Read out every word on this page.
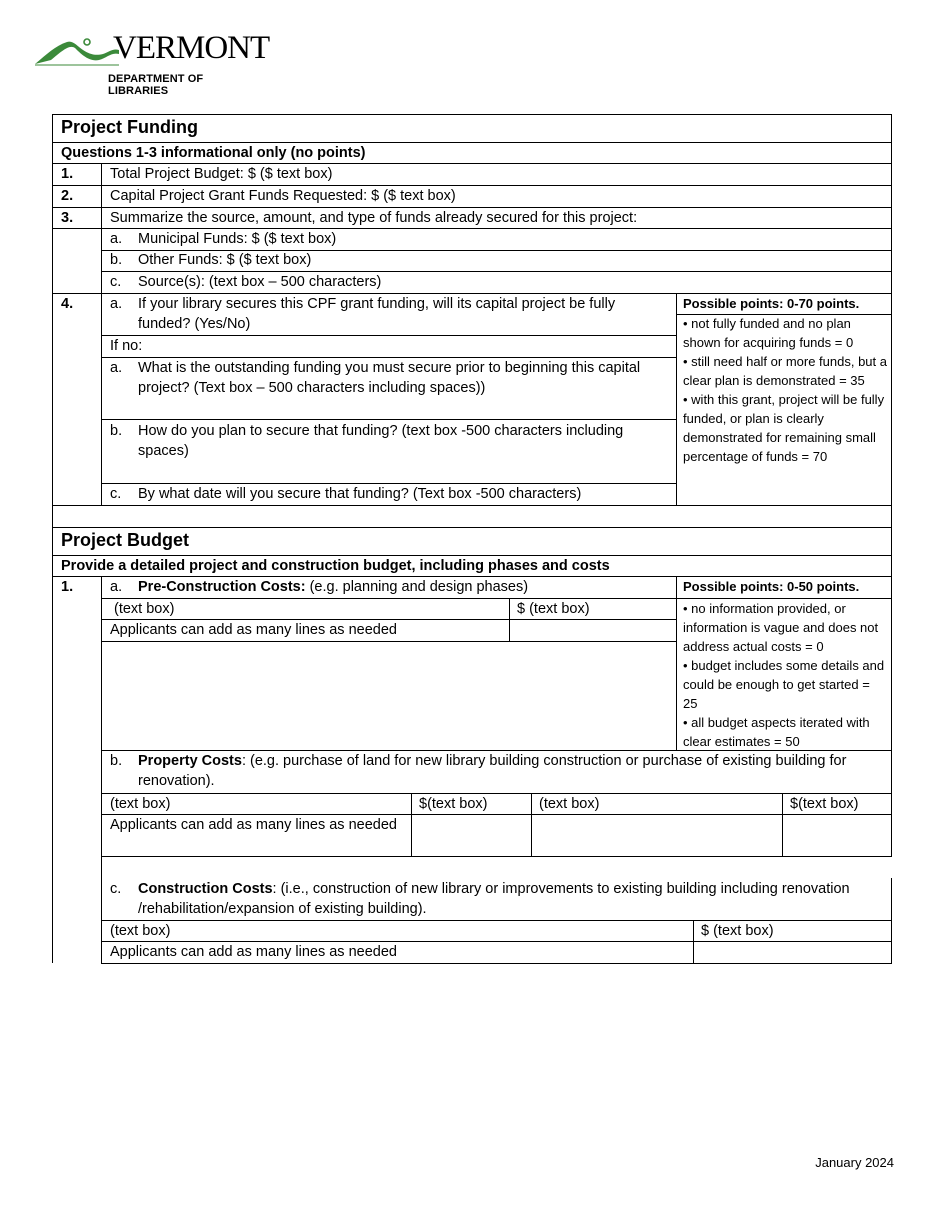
VERMONT
DEPARTMENT OF LIBRARIES
Project Funding
Questions 1-3 informational only (no points)
1.	Total Project Budget: $ ($ text box)
2.	Capital Project Grant Funds Requested: $ ($ text box)
3.	Summarize the source, amount, and type of funds already secured for this project:
a. Municipal Funds: $ ($ text box)
b. Other Funds: $ ($ text box)
c. Source(s): (text box – 500 characters)
4.	a.	If your library secures this CPF grant funding, will its capital project be fully funded? (Yes/No)
If no:
a.	What is the outstanding funding you must secure prior to beginning this capital project? (Text box – 500 characters including spaces))
b.	How do you plan to secure that funding? (text box -500 characters including spaces)
c.	By what date will you secure that funding? (Text box -500 characters)
Possible points: 0-70 points.
• not fully funded and no plan shown for acquiring funds = 0
• still need half or more funds, but a clear plan is demonstrated = 35
• with this grant, project will be fully funded, or plan is clearly demonstrated for remaining small percentage of funds = 70
Project Budget
Provide a detailed project and construction budget, including phases and costs
1.	a. Pre-Construction Costs: (e.g. planning and design phases)
(text box)	$ (text box)
Applicants can add as many lines as needed
Possible points: 0-50 points.
• no information provided, or information is vague and does not address actual costs = 0
• budget includes some details and could be enough to get started = 25
• all budget aspects iterated with clear estimates = 50
b.	Property Costs: (e.g. purchase of land for new library building construction or purchase of existing building for renovation).
(text box)	$(text box)	(text box)	$(text box)
Applicants can add as many lines as needed
c.	Construction Costs: (i.e., construction of new library or improvements to existing building including renovation /rehabilitation/expansion of existing building).
(text box)	$ (text box)
Applicants can add as many lines as needed
January 2024
